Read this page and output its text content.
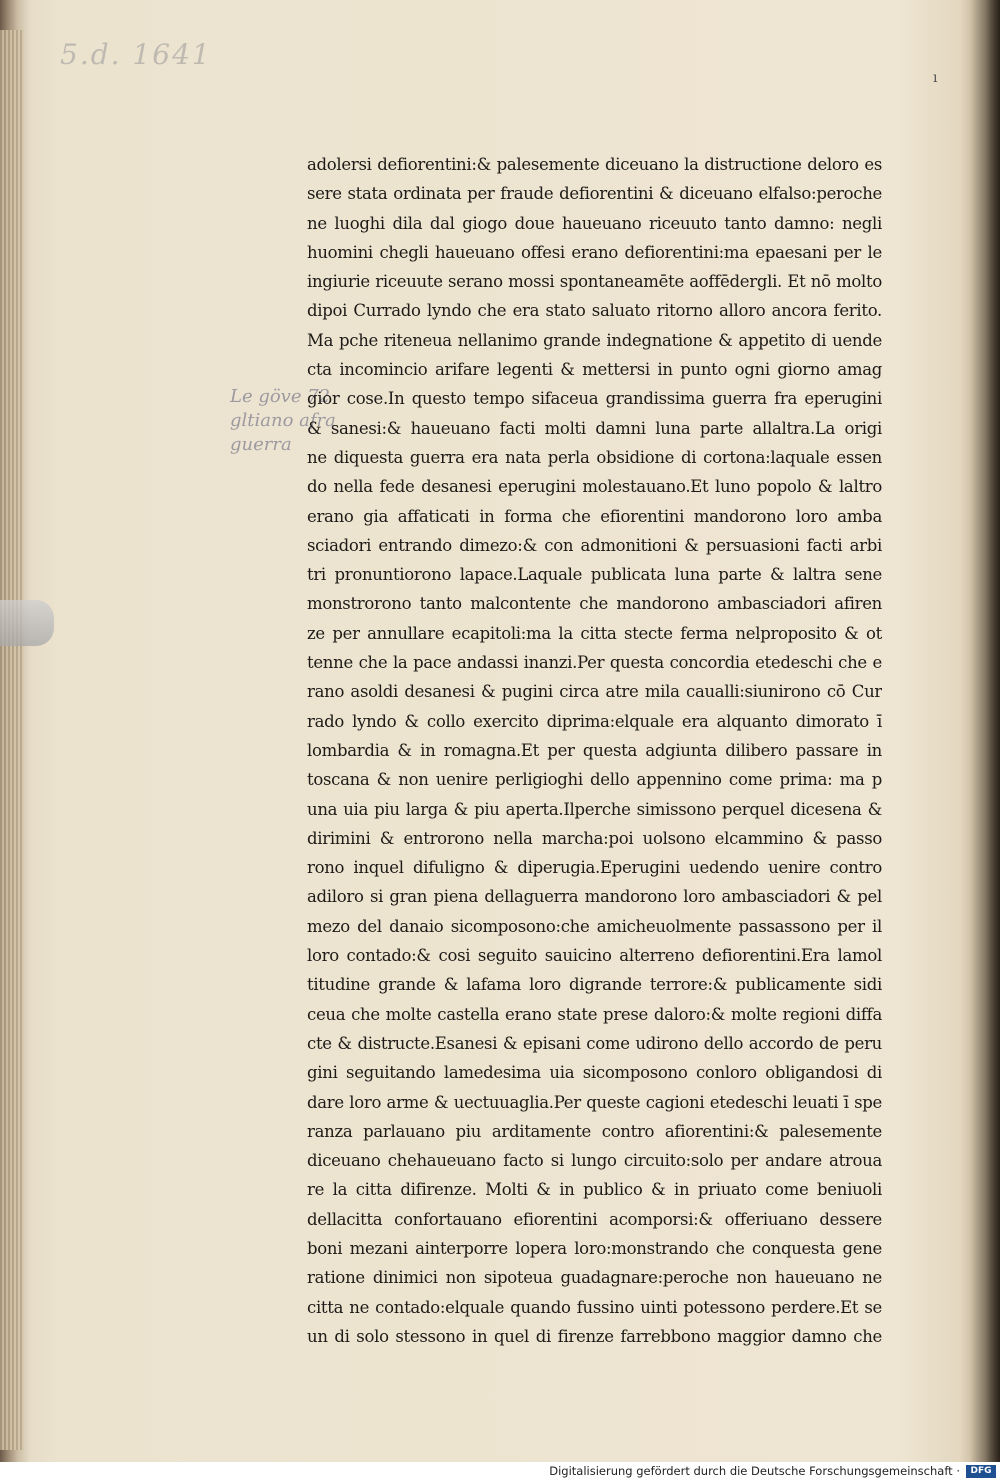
5.d. 1641
Le göve 72
gltiano afra
guerra
ı
adolersi defiorentini:& palesemente diceuano la distructione deloro es
sere stata ordinata per fraude defiorentini & diceuano elfalso:peroche
ne luoghi dila dal giogo doue haueuano riceuuto tanto damno: negli
huomini chegli haueuano offesi erano defiorentini:ma epaesani per le
ingiurie riceuute serano mossi spontaneamēte aoffēdergli. Et nō molto
dipoi Currado lyndo che era stato saluato ritorno alloro ancora ferito.
Ma pche riteneua nellanimo grande indegnatione & appetito di uende
cta incomincio arifare legenti & mettersi in punto ogni giorno amag
gior cose.In questo tempo sifaceua grandissima guerra fra eperugini
& sanesi:& haueuano facti molti damni luna parte allaltra.La origi
ne diquesta guerra era nata perla obsidione di cortona:laquale essen
do nella fede desanesi eperugini molestauano.Et luno popolo & laltro
erano gia affaticati in forma che efiorentini mandorono loro amba
sciadori entrando dimezo:& con admonitioni & persuasioni facti arbi
tri pronuntiorono lapace.Laquale publicata luna parte & laltra sene
monstrorono tanto malcontente che mandorono ambasciadori afiren
ze per annullare ecapitoli:ma la citta stecte ferma nelproposito & ot
tenne che la pace andassi inanzi.Per questa concordia etedeschi che e
rano asoldi desanesi & pugini circa atre mila caualli:siunirono cō Cur
rado lyndo & collo exercito diprima:elquale era alquanto dimorato ī
lombardia & in romagna.Et per questa adgiunta dilibero passare in
toscana & non uenire perligioghi dello appennino come prima: ma p
una uia piu larga & piu aperta.Ilperche simissono perquel dicesena &
dirimini & entrorono nella marcha:poi uolsono elcammino & passo
rono inquel difuligno & diperugia.Eperugini uedendo uenire contro
adiloro si gran piena dellaguerra mandorono loro ambasciadori & pel
mezo del danaio sicomposono:che amicheuolmente passassono per il
loro contado:& cosi seguito sauicino alterreno defiorentini.Era lamol
titudine grande & lafama loro digrande terrore:& publicamente sidi
ceua che molte castella erano state prese daloro:& molte regioni diffa
cte & distructe.Esanesi & episani come udirono dello accordo de peru
gini seguitando lamedesima uia sicomposono conloro obligandosi di
dare loro arme & uectuuaglia.Per queste cagioni etedeschi leuati ī spe
ranza parlauano piu arditamente contro afiorentini:& palesemente
diceuano chehaueuano facto si lungo circuito:solo per andare atroua
re la citta difirenze. Molti & in publico & in priuato come beniuoli
dellacitta confortauano efiorentini acomporsi:& offeriuano dessere
boni mezani ainterporre lopera loro:monstrando che conquesta gene
ratione dinimici non sipoteua guadagnare:peroche non haueuano ne
citta ne contado:elquale quando fussino uinti potessono perdere.Et se
un di solo stessono in quel di firenze farrebbono maggior damno che
Digitalisierung gefördert durch die Deutsche Forschungsgemeinschaft ·	DFG
